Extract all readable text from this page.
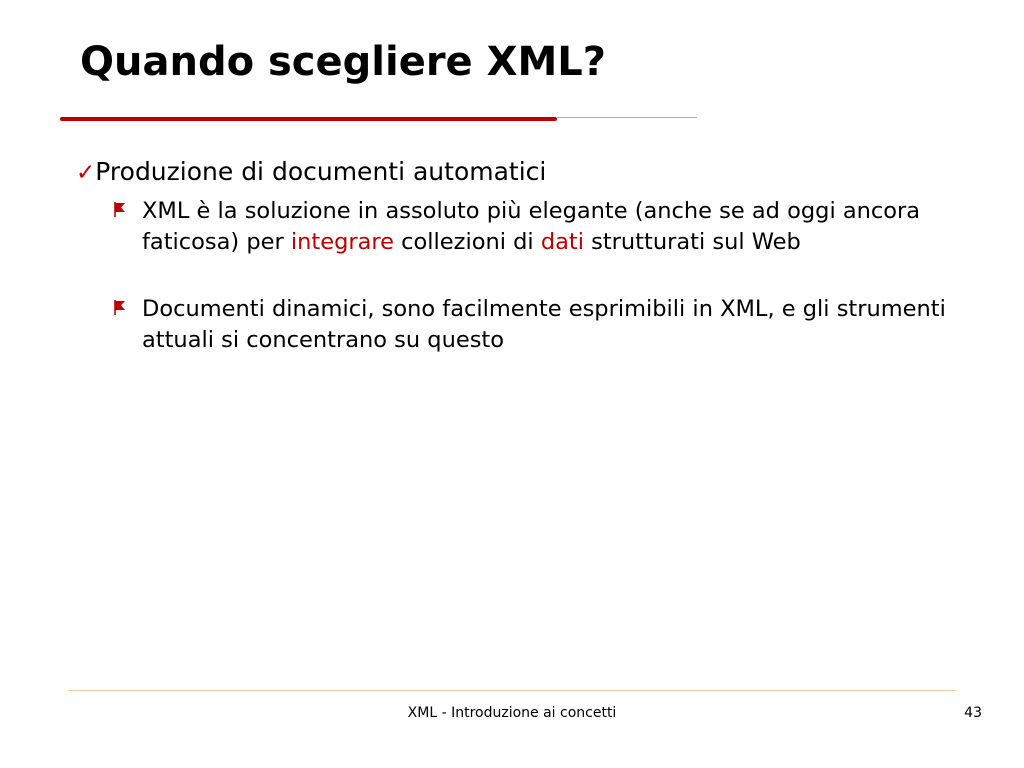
Quando scegliere XML?
✓Produzione di documenti automatici
XML è la soluzione in assoluto più elegante (anche se ad oggi ancora faticosa) per integrare collezioni di dati strutturati sul Web
Documenti dinamici, sono facilmente esprimibili in XML, e gli strumenti attuali si concentrano su questo
XML - Introduzione ai concetti	43
